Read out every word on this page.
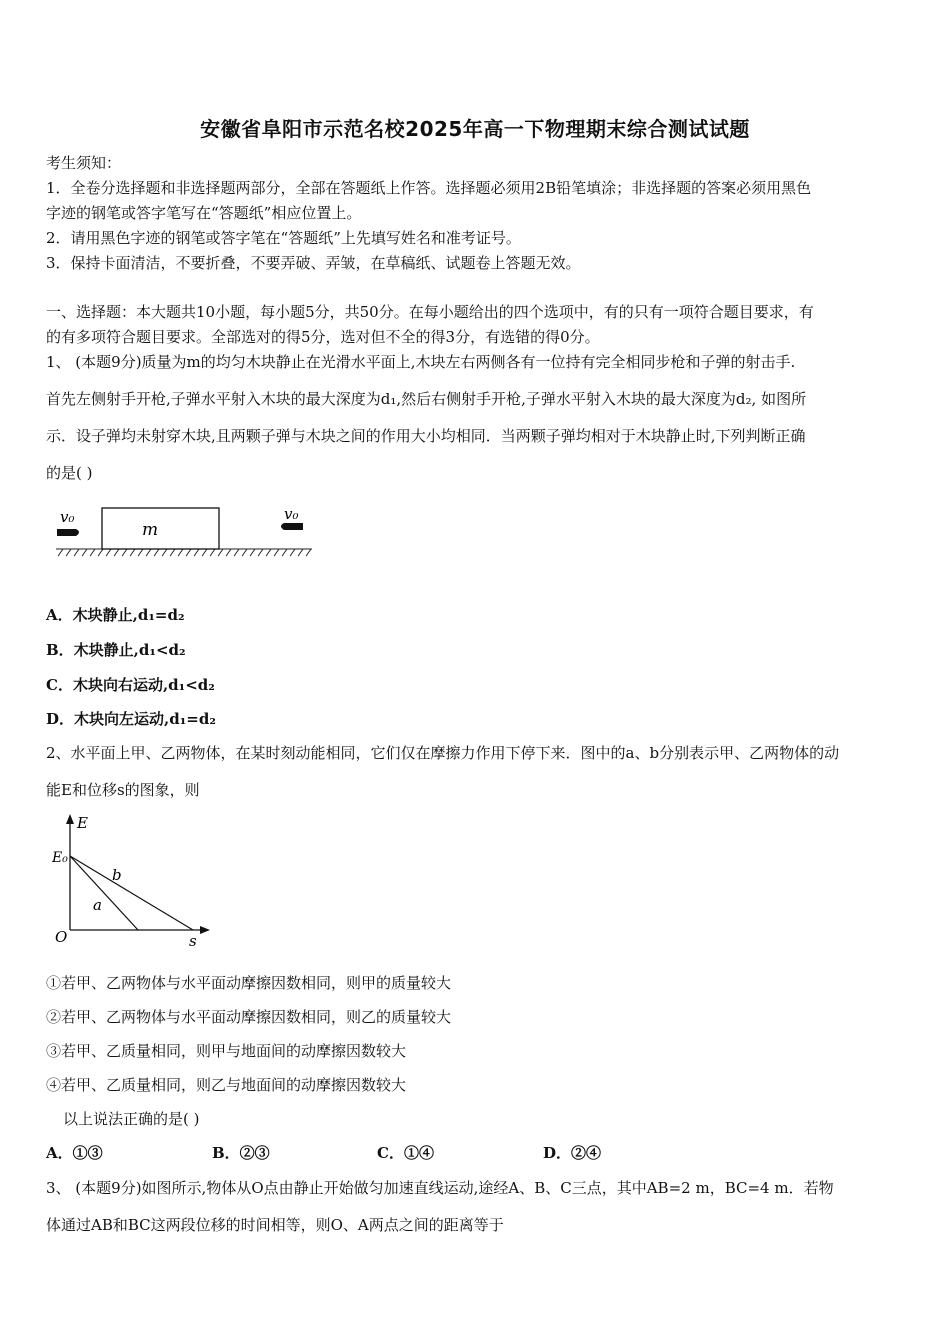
安徽省阜阳市示范名校2025年高一下物理期末综合测试试题
考生须知：
1．全卷分选择题和非选择题两部分，全部在答题纸上作答。选择题必须用2B铅笔填涂；非选择题的答案必须用黑色
字迹的钢笔或答字笔写在“答题纸”相应位置上。
2．请用黑色字迹的钢笔或答字笔在“答题纸”上先填写姓名和准考证号。
3．保持卡面清洁，不要折叠，不要弄破、弄皱，在草稿纸、试题卷上答题无效。
一、选择题：本大题共10小题，每小题5分，共50分。在每小题给出的四个选项中，有的只有一项符合题目要求，有
的有多项符合题目要求。全部选对的得5分，选对但不全的得3分，有选错的得0分。
1、 (本题9分)质量为m的均匀木块静止在光滑水平面上,木块左右两侧各有一位持有完全相同步枪和子弹的射击手.
首先左侧射手开枪,子弹水平射入木块的最大深度为d₁,然后右侧射手开枪,子弹水平射入木块的最大深度为d₂, 如图所
示．设子弹均未射穿木块,且两颗子弹与木块之间的作用大小均相同．当两颗子弹均相对于木块静止时,下列判断正确
的是( )
m
v₀	v₀
A．木块静止,d₁=d₂
B．木块静止,d₁<d₂
C．木块向右运动,d₁<d₂
D．木块向左运动,d₁=d₂
2、水平面上甲、乙两物体，在某时刻动能相同，它们仅在摩擦力作用下停下来．图中的a、b分别表示甲、乙两物体的动
能E和位移s的图象，则
E
E₀
b
a
O	s
①若甲、乙两物体与水平面动摩擦因数相同，则甲的质量较大
②若甲、乙两物体与水平面动摩擦因数相同，则乙的质量较大
③若甲、乙质量相同，则甲与地面间的动摩擦因数较大
④若甲、乙质量相同，则乙与地面间的动摩擦因数较大
以上说法正确的是( )
A．①③	B．②③	C．①④	D．②④
3、 (本题9分)如图所示,物体从O点由静止开始做匀加速直线运动,途经A、B、C三点，其中AB=2 m，BC=4 m．若物
体通过AB和BC这两段位移的时间相等，则O、A两点之间的距离等于
